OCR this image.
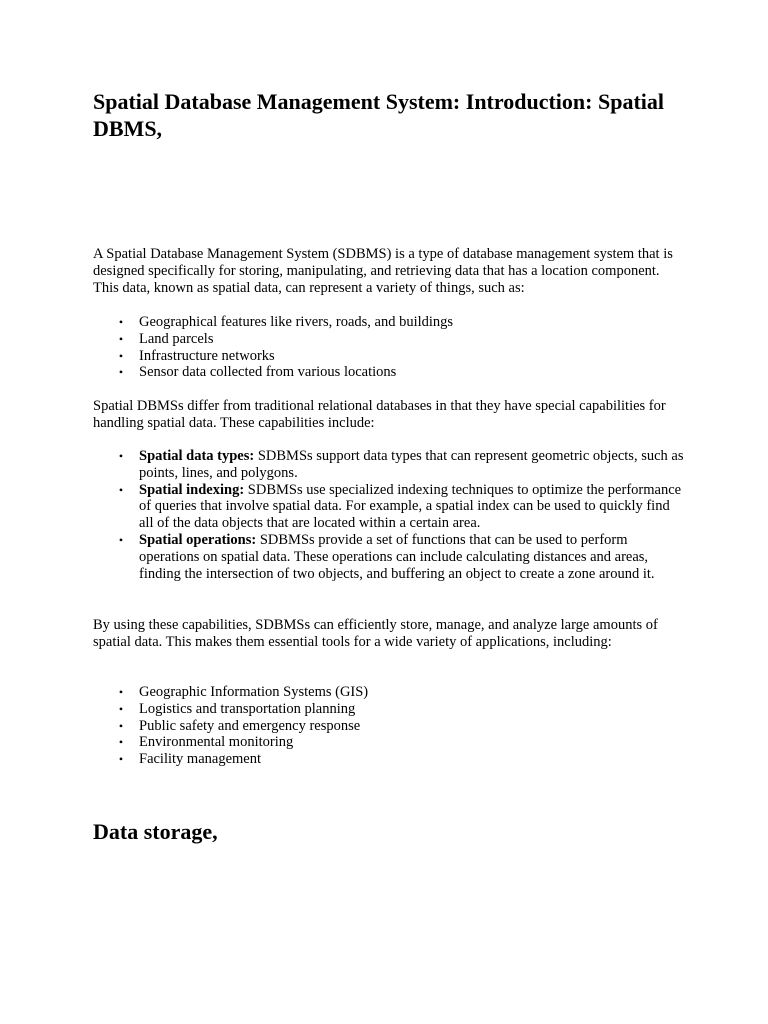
Spatial Database Management System: Introduction: Spatial DBMS,

A Spatial Database Management System (SDBMS) is a type of database management system that is designed specifically for storing, manipulating, and retrieving data that has a location component. This data, known as spatial data, can represent a variety of things, such as:

• Geographical features like rivers, roads, and buildings
• Land parcels
• Infrastructure networks
• Sensor data collected from various locations

Spatial DBMSs differ from traditional relational databases in that they have special capabilities for handling spatial data. These capabilities include:

• Spatial data types: SDBMSs support data types that can represent geometric objects, such as points, lines, and polygons.
• Spatial indexing: SDBMSs use specialized indexing techniques to optimize the performance of queries that involve spatial data. For example, a spatial index can be used to quickly find all of the data objects that are located within a certain area.
• Spatial operations: SDBMSs provide a set of functions that can be used to perform operations on spatial data. These operations can include calculating distances and areas, finding the intersection of two objects, and buffering an object to create a zone around it.

By using these capabilities, SDBMSs can efficiently store, manage, and analyze large amounts of spatial data. This makes them essential tools for a wide variety of applications, including:

• Geographic Information Systems (GIS)
• Logistics and transportation planning
• Public safety and emergency response
• Environmental monitoring
• Facility management
Data storage,
